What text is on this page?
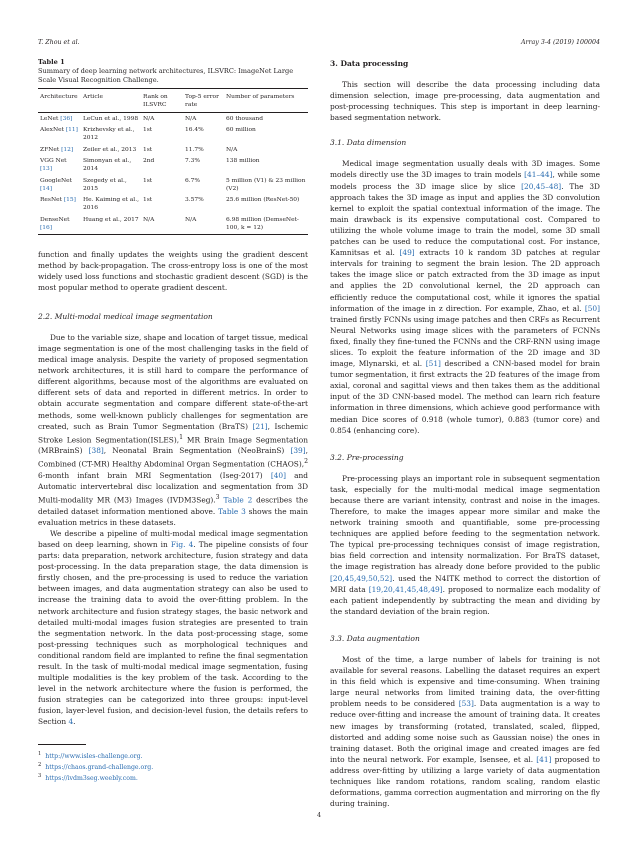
T. Zhou et al.	Array 3-4 (2019) 100004
Table 1
Summary of deep learning network architectures, ILSVRC: ImageNet Large Scale Visual Recognition Challenge.
Architecture	Article	Rank on ILSVRC	Top-5 error rate	Number of parameters
LeNet [36]	LeCun et al., 1998	N/A	N/A	60 thousand
AlexNet [11]	Krizhevsky et al., 2012	1st	16.4%	60 million
ZFNet [12]	Zeiler et al., 2013	1st	11.7%	N/A
VGG Net [13]	Simonyan et al., 2014	2nd	7.3%	138 million
GoogleNet [14]	Szegedy et al., 2015	1st	6.7%	5 million (V1) & 23 million (V2)
ResNet [15]	He. Kaiming et al., 2016	1st	3.57%	25.6 million (ResNet-50)
DenseNet [16]	Huang et al., 2017	N/A	N/A	6.98 million (DemseNet-100, k = 12)

function and finally updates the weights using the gradient descent method by back-propagation. The cross-entropy loss is one of the most widely used loss functions and stochastic gradient descent (SGD) is the most popular method to operate gradient descent.

2.2. Multi-modal medical image segmentation

Due to the variable size, shape and location of target tissue, medical image segmentation is one of the most challenging tasks in the field of medical image analysis. Despite the variety of proposed segmentation network architectures, it is still hard to compare the performance of different algorithms, because most of the algorithms are evaluated on different sets of data and reported in different metrics. In order to obtain accurate segmentation and compare different state-of-the-art methods, some well-known publicly challenges for segmentation are created, such as Brain Tumor Segmentation (BraTS) [21], Ischemic Stroke Lesion Segmentation(ISLES),$^1$ MR Brain Image Segmentation (MRBrainS) [38], Neonatal Brain Segmentation (NeoBrainS) [39], Combined (CT-MR) Healthy Abdominal Organ Segmentation (CHAOS),$^2$ 6-month infant brain MRI Segmentation (Iseg-2017) [40] and Automatic intervertebral disc localization and segmentation from 3D Multi-modality MR (M3) Images (IVDM3Seg).$^3$ Table 2 describes the detailed dataset information mentioned above. Table 3 shows the main evaluation metrics in these datasets.

We describe a pipeline of multi-modal medical image segmentation based on deep learning, shown in Fig. 4. The pipeline consists of four parts: data preparation, network architecture, fusion strategy and data post-processing. In the data preparation stage, the data dimension is firstly chosen, and the pre-processing is used to reduce the variation between images, and data augmentation strategy can also be used to increase the training data to avoid the over-fitting problem. In the network architecture and fusion strategy stages, the basic network and detailed multi-modal images fusion strategies are presented to train the segmentation network. In the data post-processing stage, some post-pressing techniques such as morphological techniques and conditional random field are implanted to refine the final segmentation result. In the task of multi-modal medical image segmentation, fusing multiple modalities is the key problem of the task. According to the level in the network architecture where the fusion is performed, the fusion strategies can be categorized into three groups: input-level fusion, layer-level fusion, and decision-level fusion, the details refers to Section 4.

$^1$ http://www.isles-challenge.org.
$^2$ https://chaos.grand-challenge.org.
$^3$ https://ivdm3seg.weebly.com.

3. Data processing

This section will describe the data processing including data dimension selection, image pre-processing, data augmentation and post-processing techniques. This step is important in deep learning-based segmentation network.

3.1. Data dimension

Medical image segmentation usually deals with 3D images. Some models directly use the 3D images to train models [41–44], while some models process the 3D image slice by slice [20,45–48]. The 3D approach takes the 3D image as input and applies the 3D convolution kernel to exploit the spatial contextual information of the image. The main drawback is its expensive computational cost. Compared to utilizing the whole volume image to train the model, some 3D small patches can be used to reduce the computational cost. For instance, Kamnitsas et al. [49] extracts 10 k random 3D patches at regular intervals for training to segment the brain lesion. The 2D approach takes the image slice or patch extracted from the 3D image as input and applies the 2D convolutional kernel, the 2D approach can efficiently reduce the computational cost, while it ignores the spatial information of the image in z direction. For example, Zhao, et al. [50] trained firstly FCNNs using image patches and then CRFs as Recurrent Neural Networks using image slices with the parameters of FCNNs fixed, finally they fine-tuned the FCNNs and the CRF-RNN using image slices. To exploit the feature information of the 2D image and 3D image, Mlynarski, et al. [51] described a CNN-based model for brain tumor segmentation, it first extracts the 2D features of the image from axial, coronal and sagittal views and then takes them as the additional input of the 3D CNN-based model. The method can learn rich feature information in three dimensions, which achieve good performance with median Dice scores of 0.918 (whole tumor), 0.883 (tumor core) and 0.854 (enhancing core).

3.2. Pre-processing

Pre-processing plays an important role in subsequent segmentation task, especially for the multi-modal medical image segmentation because there are variant intensity, contrast and noise in the images. Therefore, to make the images appear more similar and make the network training smooth and quantifiable, some pre-processing techniques are applied before feeding to the segmentation network. The typical pre-processing techniques consist of image registration, bias field correction and intensity normalization. For BraTS dataset, the image registration has already done before provided to the public [20,45,49,50,52]. used the N4ITK method to correct the distortion of MRI data [19,20,41,45,48,49]. proposed to normalize each modality of each patient independently by subtracting the mean and dividing by the standard deviation of the brain region.

3.3. Data augmentation

Most of the time, a large number of labels for training is not available for several reasons. Labelling the dataset requires an expert in this field which is expensive and time-consuming. When training large neural networks from limited training data, the over-fitting problem needs to be considered [53]. Data augmentation is a way to reduce over-fitting and increase the amount of training data. It creates new images by transforming (rotated, translated, scaled, flipped, distorted and adding some noise such as Gaussian noise) the ones in training dataset. Both the original image and created images are fed into the neural network. For example, Isensee, et al. [41] proposed to address over-fitting by utilizing a large variety of data augmentation techniques like random rotations, random scaling, random elastic deformations, gamma correction augmentation and mirroring on the fly during training.

4
